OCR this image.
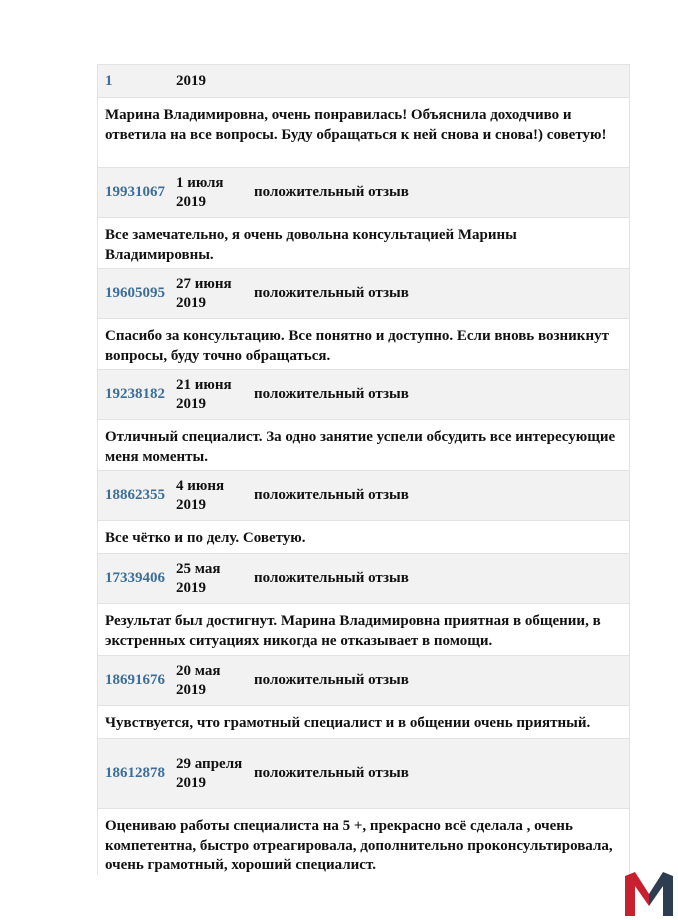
1	2019
Марина Владимировна, очень понравилась! Объяснила доходчиво и ответила на все вопросы. Буду обращаться к ней снова и снова!) советую!
19931067
1 июля 2019
положительный отзыв
Все замечательно, я очень довольна консультацией Марины Владимировны.
19605095
27 июня 2019
положительный отзыв
Спасибо за консультацию. Все понятно и доступно. Если вновь возникнут вопросы, буду точно обращаться.
19238182
21 июня 2019
положительный отзыв
Отличный специалист. За одно занятие успели обсудить все интересующие меня моменты.
18862355
4 июня 2019
положительный отзыв
Все чётко и по делу. Советую.
17339406
25 мая 2019
положительный отзыв
Результат был достигнут. Марина Владимировна приятная в общении, в экстренных ситуациях никогда не отказывает в помощи.
18691676
20 мая 2019
положительный отзыв
Чувствуется, что грамотный специалист и в общении очень приятный.
18612878
29 апреля 2019
положительный отзыв
Оцениваю работы специалиста на 5 +, прекрасно всё сделала , очень компетентна, быстро отреагировала, дополнительно проконсультировала, очень грамотный, хороший специалист.
